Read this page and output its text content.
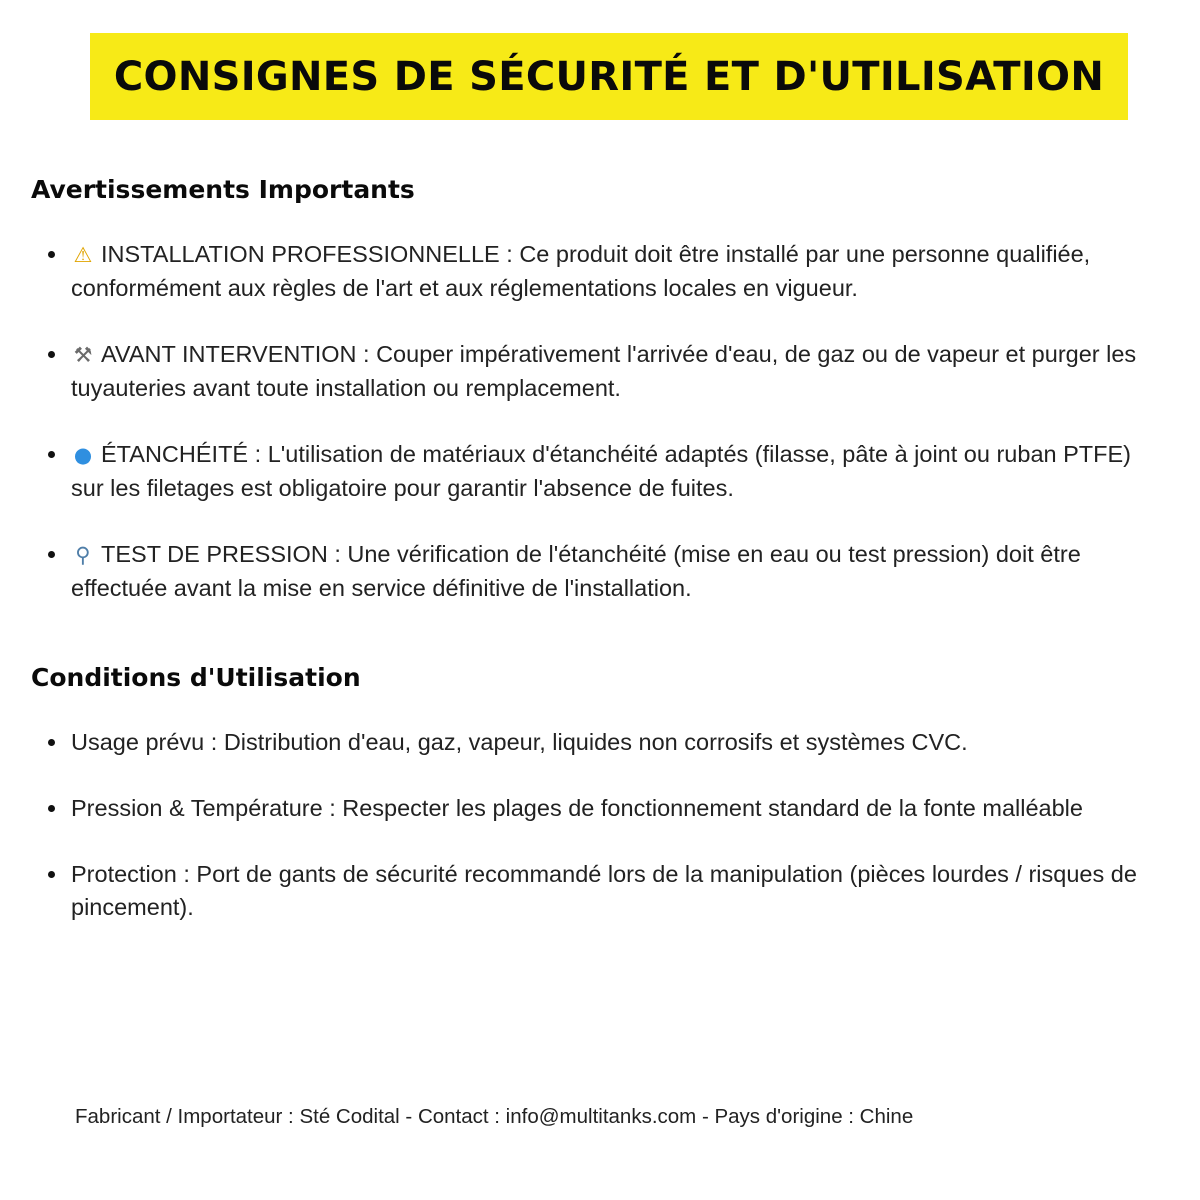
CONSIGNES DE SÉCURITÉ ET D'UTILISATION
Avertissements Importants
⚠ INSTALLATION PROFESSIONNELLE : Ce produit doit être installé par une personne qualifiée, conformément aux règles de l'art et aux réglementations locales en vigueur.
⚒ AVANT INTERVENTION : Couper impérativement l'arrivée d'eau, de gaz ou de vapeur et purger les tuyauteries avant toute installation ou remplacement.
● ÉTANCHÉITÉ : L'utilisation de matériaux d'étanchéité adaptés (filasse, pâte à joint ou ruban PTFE) sur les filetages est obligatoire pour garantir l'absence de fuites.
⚲ TEST DE PRESSION : Une vérification de l'étanchéité (mise en eau ou test pression) doit être effectuée avant la mise en service définitive de l'installation.
Conditions d'Utilisation
Usage prévu : Distribution d'eau, gaz, vapeur, liquides non corrosifs et systèmes CVC.
Pression & Température : Respecter les plages de fonctionnement standard de la fonte malléable
Protection : Port de gants de sécurité recommandé lors de la manipulation (pièces lourdes / risques de pincement).

Fabricant / Importateur : Sté Codital - Contact : info@multitanks.com - Pays d'origine : Chine
